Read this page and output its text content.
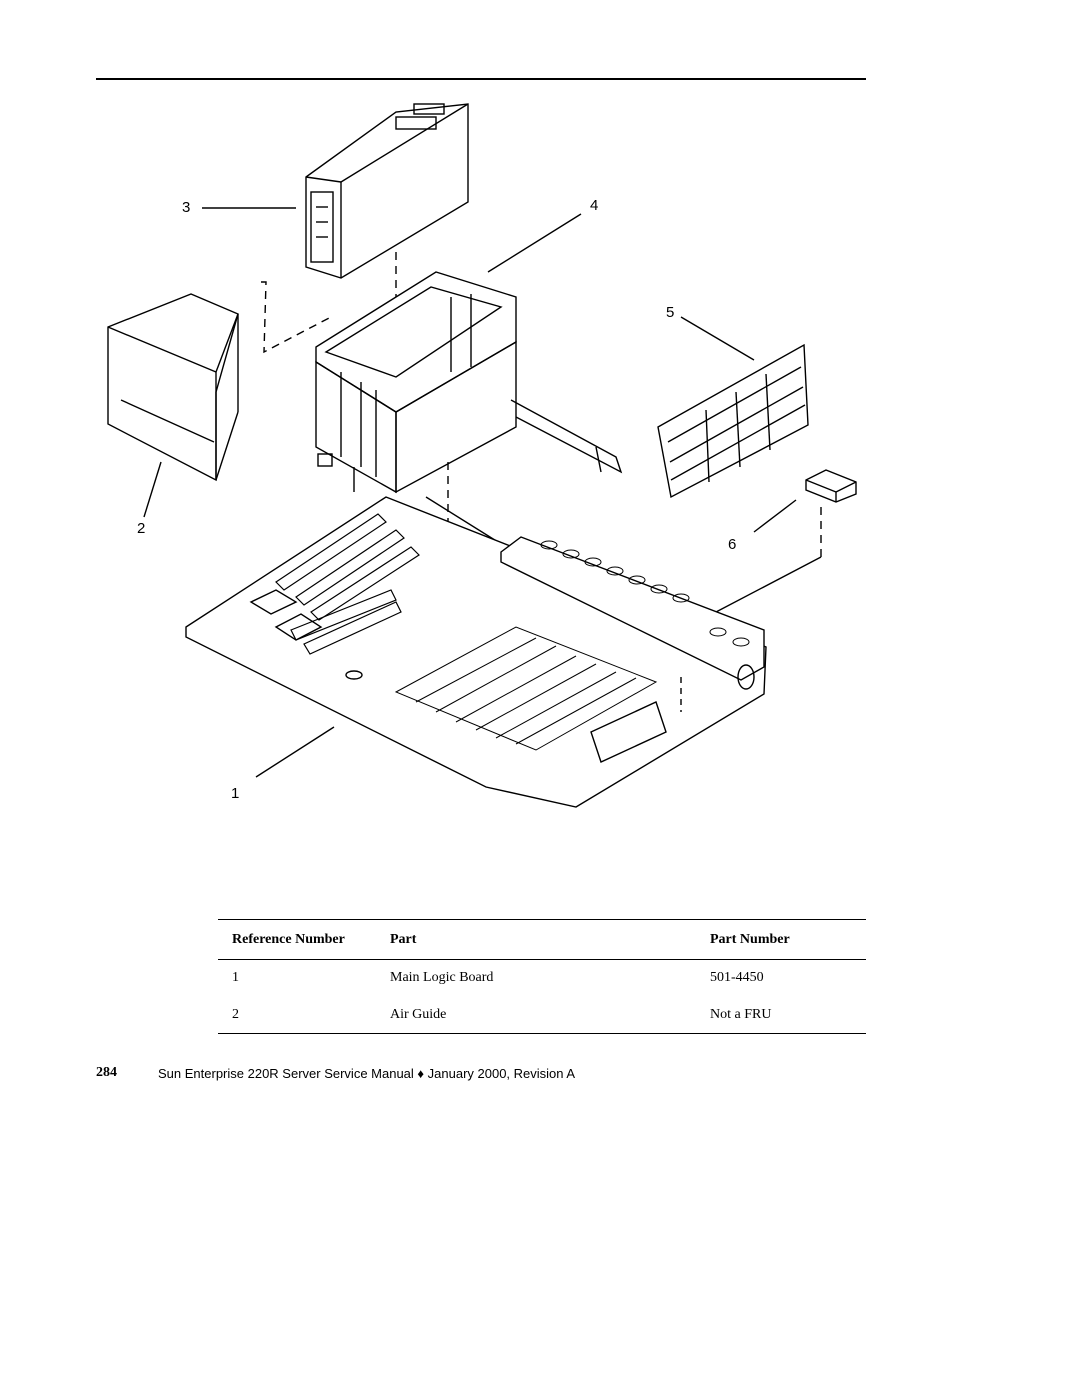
3	4
2
5
6
1
Reference Number	Part	Part Number
1	Main Logic Board	501-4450
2	Air Guide	Not a FRU
284	Sun Enterprise 220R Server Service Manual ♦ January 2000, Revision A
